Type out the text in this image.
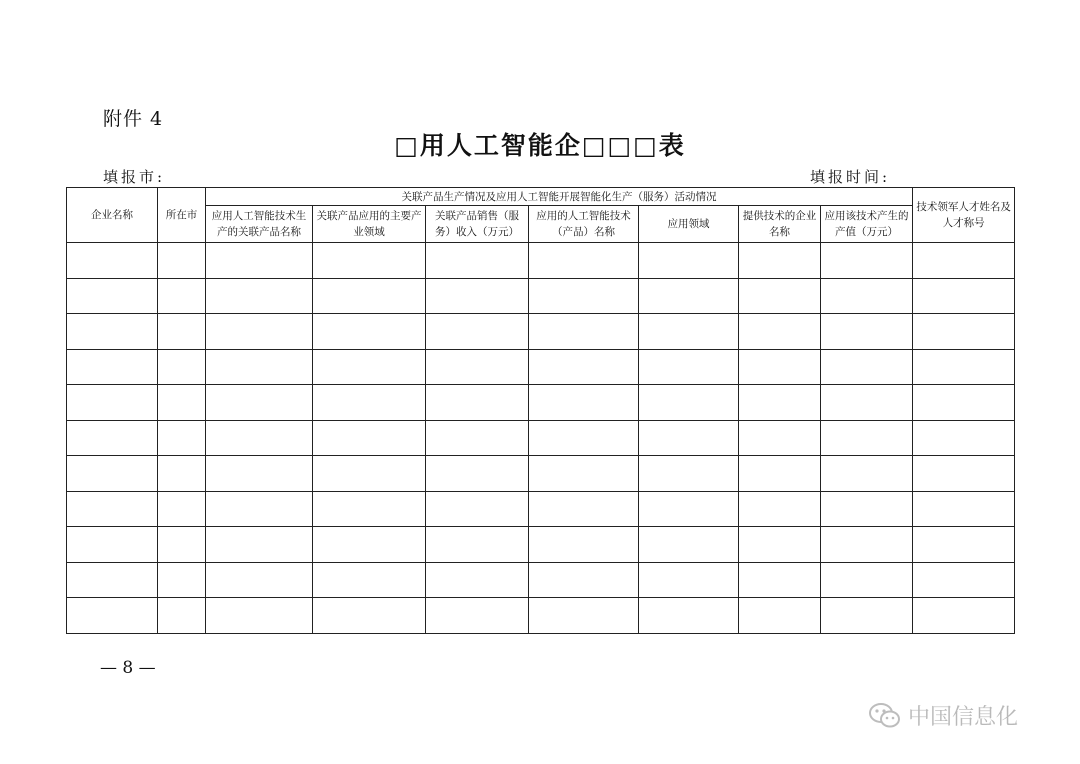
附件 4
□用人工智能企□□□表
填报市:	填报时间:
企业名称	所在市	关联产品生产情况及应用人工智能开展智能化生产（服务）活动情况							技术领军人才姓名及人才称号
		应用人工智能技术生产的关联产品名称	关联产品应用的主要产业领域	关联产品销售（服务）收入（万元）	应用的人工智能技术（产品）名称	应用领域	提供技术的企业名称	应用该技术产生的产值（万元）	

— 8 —
中国信息化
